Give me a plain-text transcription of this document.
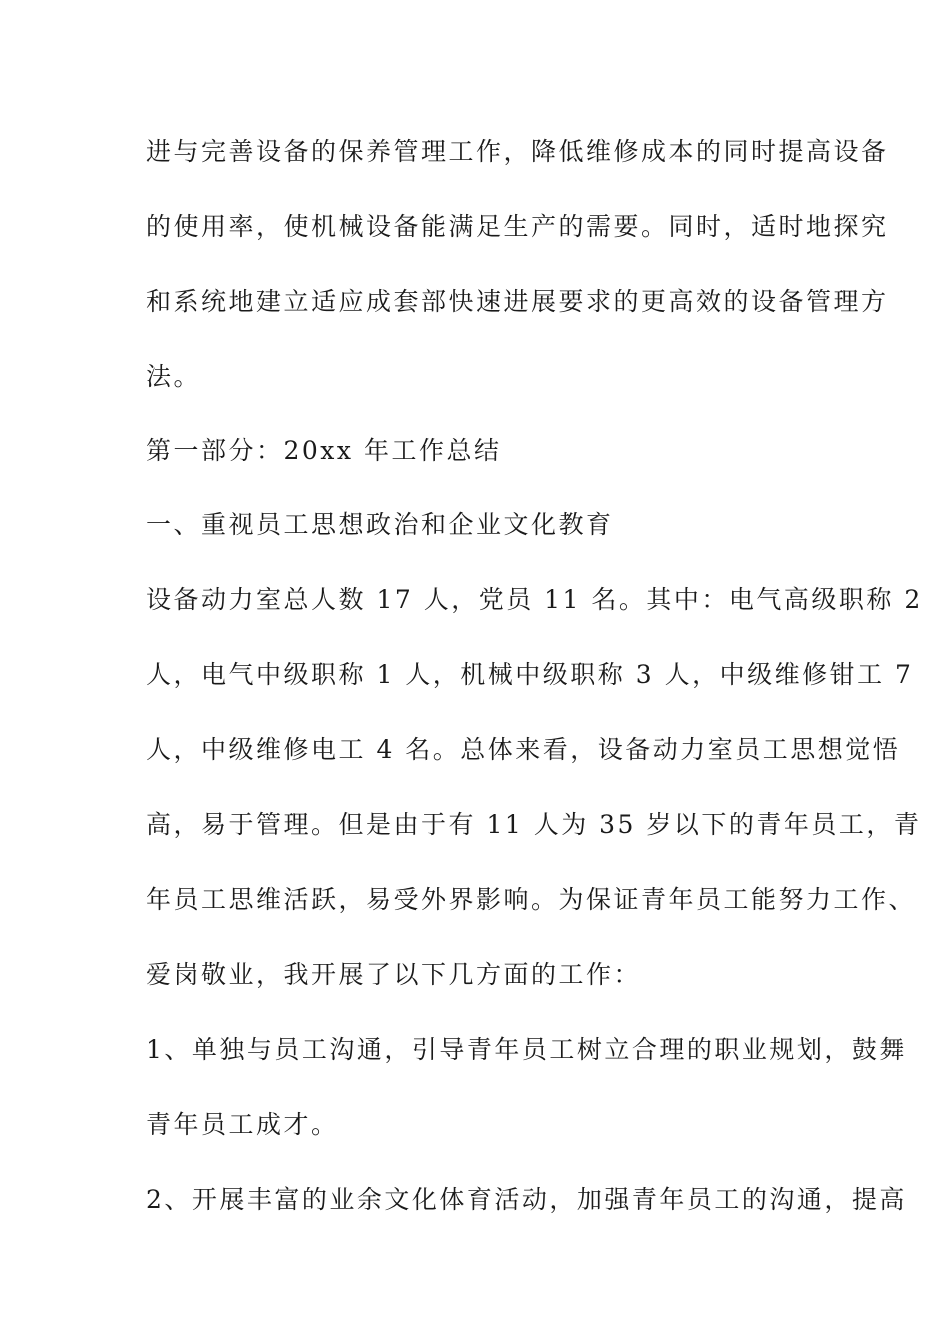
进与完善设备的保养管理工作，降低维修成本的同时提高设备
的使用率，使机械设备能满足生产的需要。同时，适时地探究
和系统地建立适应成套部快速进展要求的更高效的设备管理方
法。
第一部分：20xx 年工作总结
一、重视员工思想政治和企业文化教育
设备动力室总人数 17 人，党员 11 名。其中：电气高级职称 2
人，电气中级职称 1 人，机械中级职称 3 人，中级维修钳工 7
人，中级维修电工 4 名。总体来看，设备动力室员工思想觉悟
高，易于管理。但是由于有 11 人为 35 岁以下的青年员工，青
年员工思维活跃，易受外界影响。为保证青年员工能努力工作、
爱岗敬业，我开展了以下几方面的工作：
1、单独与员工沟通，引导青年员工树立合理的职业规划，鼓舞
青年员工成才。
2、开展丰富的业余文化体育活动，加强青年员工的沟通，提高
